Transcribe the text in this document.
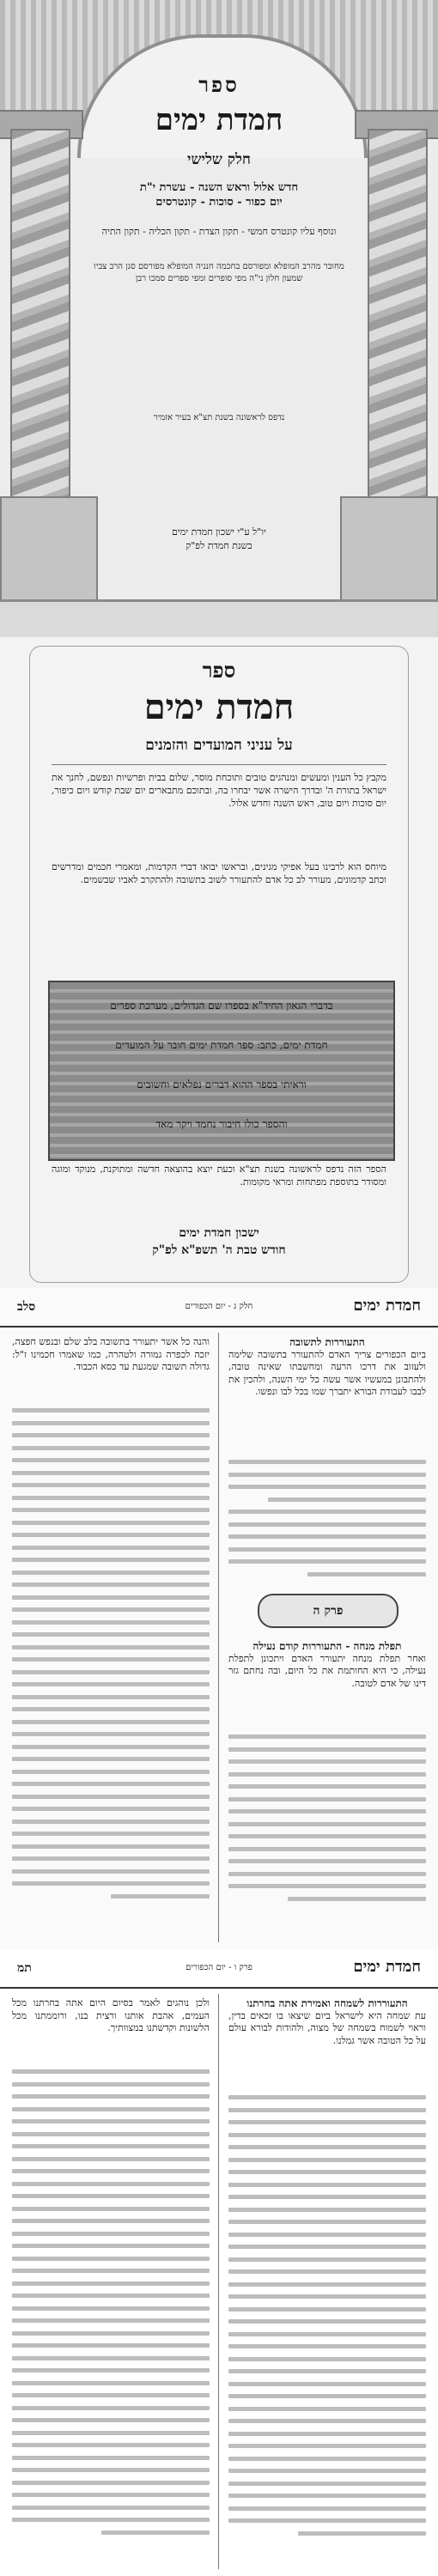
ספר
חמדת ימים
חלק שלישי
חדש אלול וראש השנה - עשרת י"ת
יום כפור - סוכות - קונטרסים
ונוסף עליו קונטרס חמשי - תקון הצדת - תקון הכליה - תקון התיה
מחובר מהרב המופלא ומפורסם בחכמה חנניה המופלא מפורסם סגן הרב צביו שמעון חלון ני"ה מפי סופרים ומפי ספרים סמכו רבן
נדפס לראשונה בשנת תצ"א בעיר אזמיר
יו"ל ע"י ישכון חמדת ימים
בשנת חמדת לפ"ק
ספר
חמדת ימים
על עניני המועדים והזמנים
מקבץ כל הענין ומעשים ומנהגים טובים ותוכחת מוסר, שלום בבית ופרשיות ונפשם, לחנך את ישראל בתורת ה' ובדרך הישרה אשר יבחרו בה, ובתוכם מתבארים יום שבת קודש ויום כיפור, יום סוכות ויום טוב, ראש השנה וחדש אלול.
מיוחס הוא לרבינו בעל אפיקי מגינים, ובראשו יבואו דברי הקדמות, ומאמרי חכמים ומדרשים וכתב קדמונים, מעורר לב כל אדם להתעורר לשוב בתשובה ולהתקרב לאביו שבשמים.
בדברי הגאון החיד"א בספרו שם הגדולים, מערכת ספרים
חמדת ימים, כתב: ספר חמדת ימים חובר על המועדים
וראיתי בספר ההוא דברים נפלאים וחשובים
והספר כולו חיבור נחמד ויקר מאד
הספר הזה נדפס לראשונה בשנת תצ"א וכעת יוצא בהוצאה חדשה ומתוקנת, מנוקד ומוגה ומסודר בתוספת מפתחות ומראי מקומות.
ישכון חמדת ימים
חודש טבת ה' תשפ"א לפ"ק
סלב	חלק ג - יום הכפורים	חמדת ימים
התעוררות לתשובה
ביום הכפורים צריך האדם להתעורר בתשובה שלימה ולעזוב את דרכו הרעה ומחשבתו שאינה טובה, ולהתבונן במעשיו אשר עשה כל ימי השנה, ולהכין את לבבו לעבודת הבורא יתברך שמו בכל לבו ונפשו.
פרק ה
תפלת מנחה - התעוררות קודם נעילה
ואחר תפלת מנחה יתעורר האדם ויתכונן לתפלת נעילה, כי היא החותמת את כל היום, ובה נחתם גזר דינו של אדם לטובה.
והנה כל אשר יתעורר בתשובה בלב שלם ובנפש חפצה, יזכה לכפרה גמורה ולטהרה, כמו שאמרו חכמינו ז"ל: גדולה תשובה שמגעת עד כסא הכבוד.
תמ	פרק ו - יום הכפורים	חמדת ימים
התעוררות לשמחה ואמירת אתה בחרתנו
עת שמחה היא לישראל ביום שיצאו בו זכאים בדין, וראוי לשמוח בשמחה של מצוה, ולהודות לבורא עולם על כל הטובה אשר גמלנו.
ולכן נוהגים לאמר בסיום היום אתה בחרתנו מכל העמים, אהבת אותנו ורצית בנו, ורוממתנו מכל הלשונות וקדשתנו במצוותיך.
